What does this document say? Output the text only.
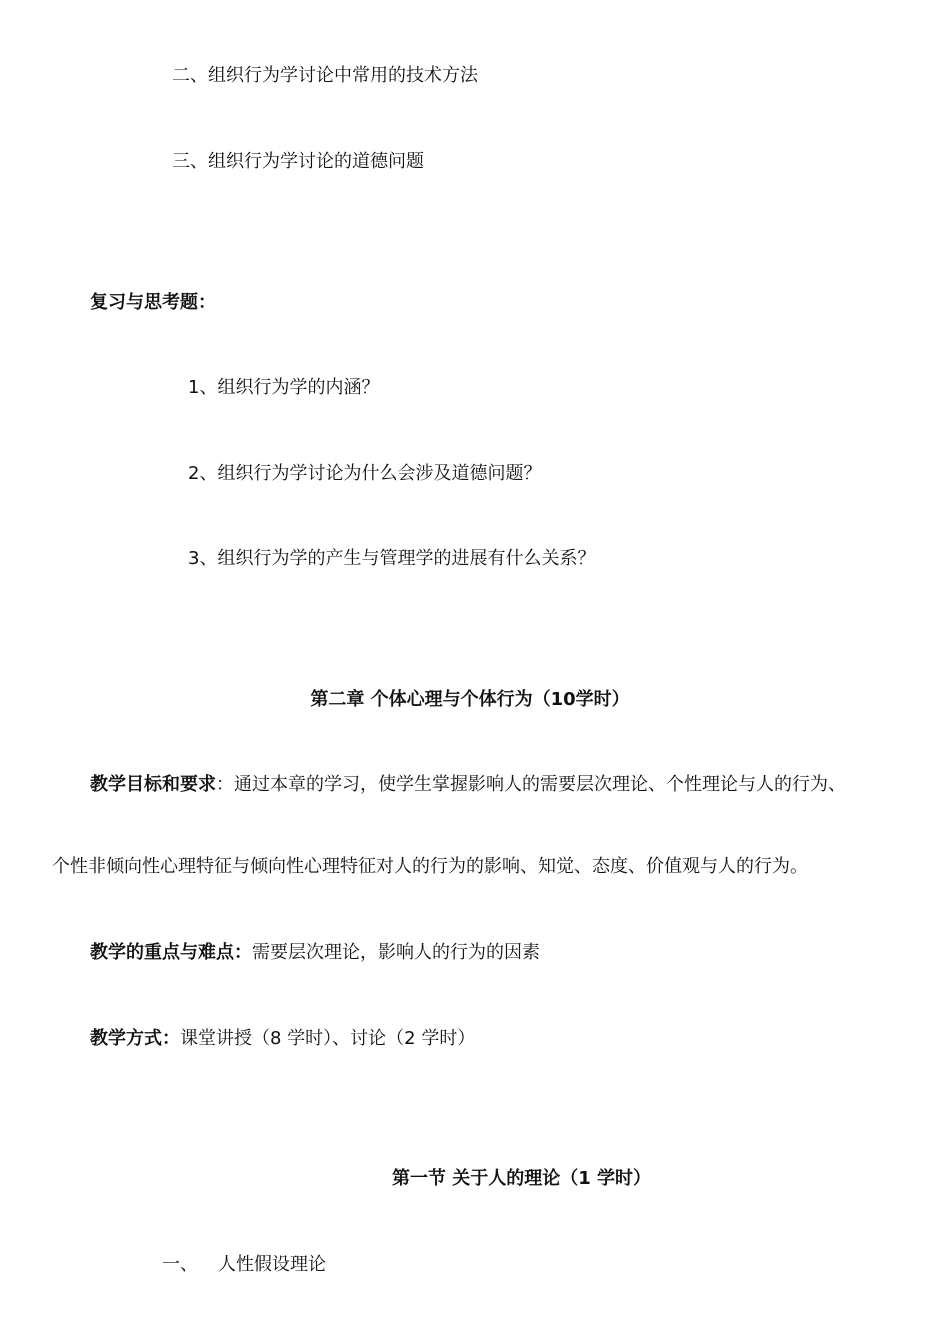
二、组织行为学讨论中常用的技术方法
三、组织行为学讨论的道德问题
复习与思考题：
1、组织行为学的内涵？
2、组织行为学讨论为什么会涉及道德问题？
3、组织行为学的产生与管理学的进展有什么关系？
第二章 个体心理与个体行为（10学时）
教学目标和要求：通过本章的学习，使学生掌握影响人的需要层次理论、个性理论与人的行为、
个性非倾向性心理特征与倾向性心理特征对人的行为的影响、知觉、态度、价值观与人的行为。
教学的重点与难点：需要层次理论，影响人的行为的因素
教学方式：课堂讲授（8 学时）、讨论（2 学时）
第一节 关于人的理论（1 学时）
一、 人性假设理论
